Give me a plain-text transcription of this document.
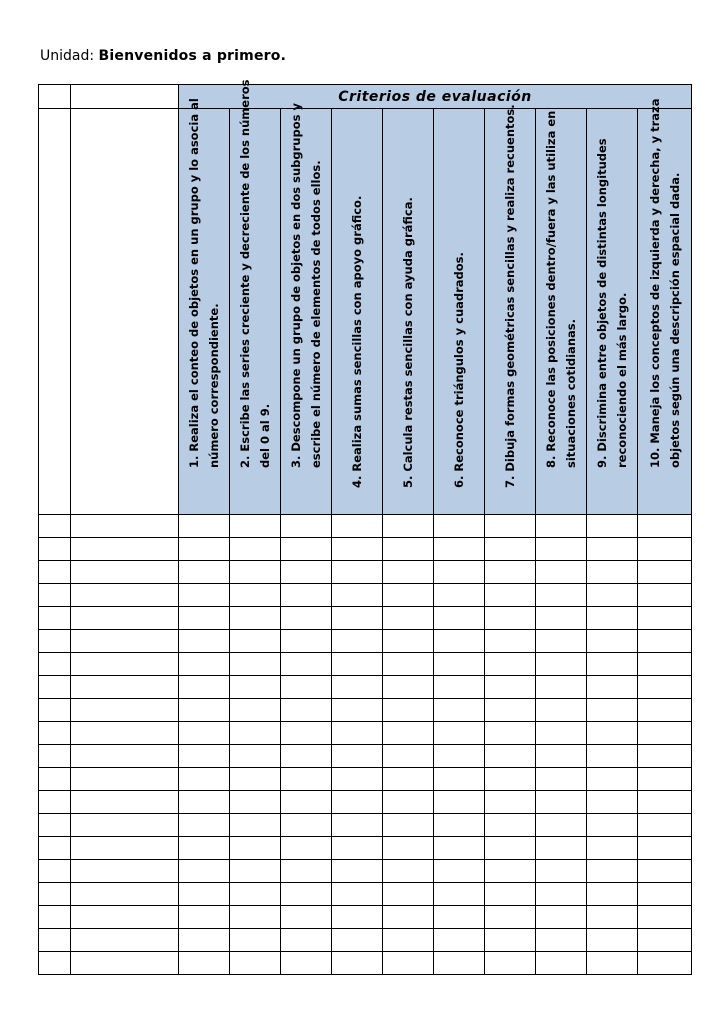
Unidad: Bienvenidos a primero.
		Criterios de evaluación									

		1. Realiza el conteo de objetos en un grupo y lo asocia al número correspondiente.	2. Escribe las series creciente y decreciente de los números del 0 al 9.	3. Descompone un grupo de objetos en dos subgrupos y escribe el número de elementos de todos ellos.	4. Realiza sumas sencillas con apoyo gráfico.	5. Calcula restas sencillas con ayuda gráfica.	6. Reconoce triángulos y cuadrados.	7. Dibuja formas geométricas sencillas y realiza recuentos.	8. Reconoce las posiciones dentro/fuera y las utiliza en situaciones cotidianas.	9. Discrimina entre objetos de distintas longitudes reconociendo el más largo.	10. Maneja los conceptos de izquierda y derecha, y traza objetos según una descripción espacial dada.
